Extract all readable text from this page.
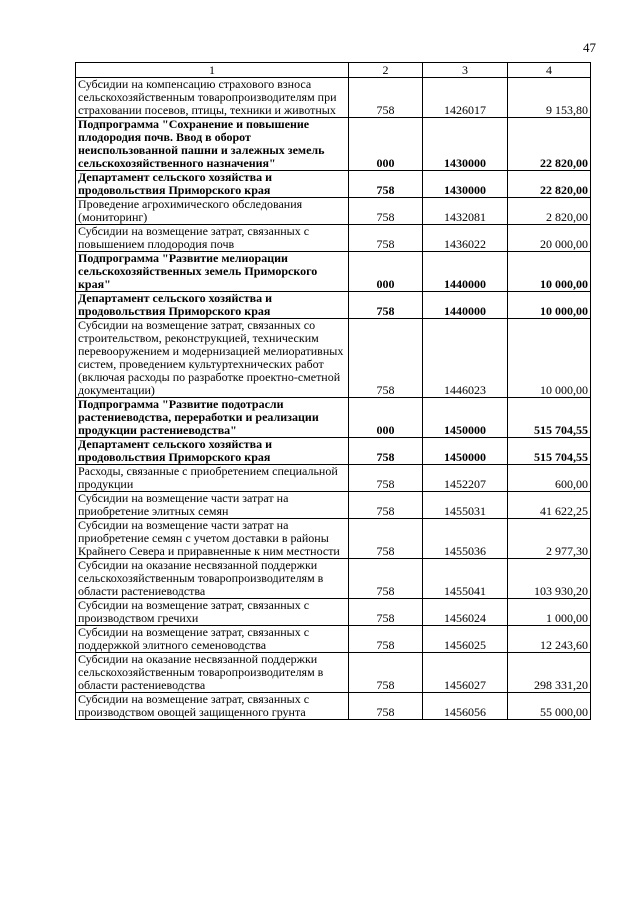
47
1	2	3	4
Субсидии на компенсацию страхового взноса сельскохозяйственным товаропроизводителям при страховании посевов, птицы, техники и животных	758	1426017	9 153,80
Подпрограмма "Сохранение и повышение плодородия почв. Ввод в оборот неиспользованной пашни и залежных земель сельскохозяйственного назначения"	000	1430000	22 820,00
Департамент сельского хозяйства и продовольствия Приморского края	758	1430000	22 820,00
Проведение агрохимического обследования (мониторинг)	758	1432081	2 820,00
Субсидии на возмещение затрат, связанных с повышением плодородия почв	758	1436022	20 000,00
Подпрограмма "Развитие мелиорации сельскохозяйственных земель Приморского края"	000	1440000	10 000,00
Департамент сельского хозяйства и продовольствия Приморского края	758	1440000	10 000,00
Субсидии на возмещение затрат, связанных со строительством, реконструкцией, техническим перевооружением и модернизацией мелиоративных систем, проведением культуртехнических работ (включая расходы по разработке проектно-сметной документации)	758	1446023	10 000,00
Подпрограмма "Развитие подотрасли растениеводства, переработки и реализации продукции растениеводства"	000	1450000	515 704,55
Департамент сельского хозяйства и продовольствия Приморского края	758	1450000	515 704,55
Расходы, связанные с приобретением специальной продукции	758	1452207	600,00
Субсидии на возмещение части затрат на приобретение элитных семян	758	1455031	41 622,25
Субсидии на возмещение части затрат на приобретение семян с учетом доставки в районы Крайнего Севера и приравненные к ним местности	758	1455036	2 977,30
Субсидии на оказание несвязанной поддержки сельскохозяйственным товаропроизводителям в области растениеводства	758	1455041	103 930,20
Субсидии на возмещение затрат, связанных с производством гречихи	758	1456024	1 000,00
Субсидии на возмещение затрат, связанных с поддержкой элитного семеноводства	758	1456025	12 243,60
Субсидии на оказание несвязанной поддержки сельскохозяйственным товаропроизводителям в области растениеводства	758	1456027	298 331,20
Субсидии на возмещение затрат, связанных с производством овощей защищенного грунта	758	1456056	55 000,00
